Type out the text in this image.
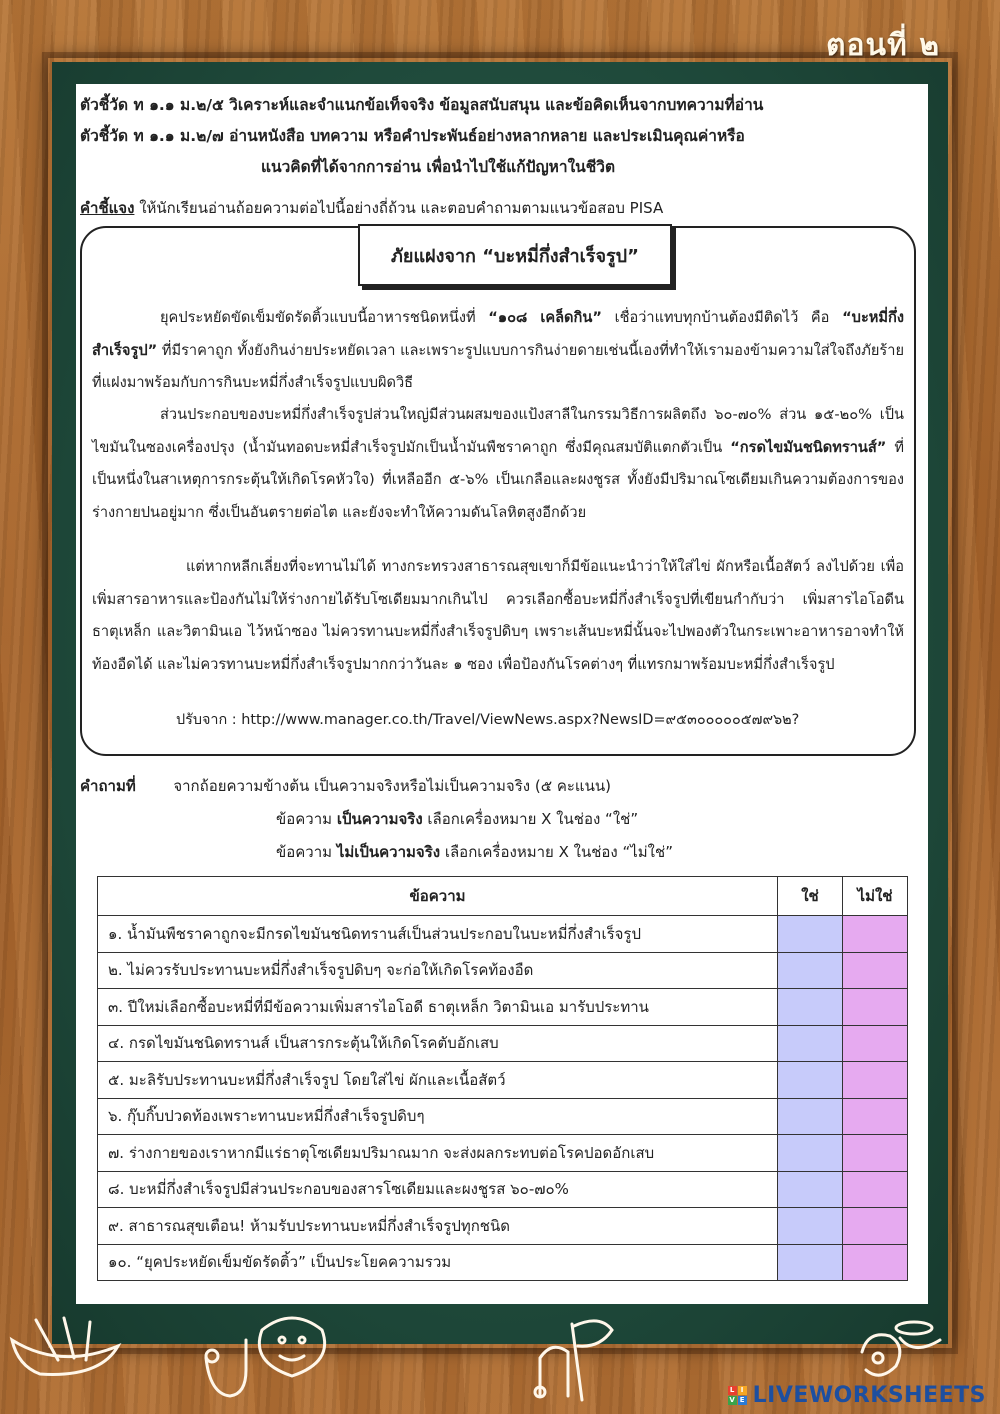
ตอนที่ ๒
ตัวชี้วัด ท ๑.๑ ม.๒/๕ วิเคราะห์และจำแนกข้อเท็จจริง ข้อมูลสนับสนุน และข้อคิดเห็นจากบทความที่อ่าน
ตัวชี้วัด ท ๑.๑ ม.๒/๗ อ่านหนังสือ บทความ หรือคำประพันธ์อย่างหลากหลาย และประเมินคุณค่าหรือ
แนวคิดที่ได้จากการอ่าน เพื่อนำไปใช้แก้ปัญหาในชีวิต
คำชี้แจง ให้นักเรียนอ่านถ้อยความต่อไปนี้อย่างถี่ถ้วน และตอบคำถามตามแนวข้อสอบ PISA
ภัยแฝงจาก “บะหมี่กึ่งสำเร็จรูป”
ยุคประหยัดขัดเข็มขัดรัดติ้วแบบนี้อาหารชนิดหนึ่งที่ “๑๐๘ เคล็ดกิน” เชื่อว่าแทบทุกบ้านต้องมีติดไว้ คือ “บะหมี่กึ่งสำเร็จรูป” ที่มีราคาถูก ทั้งยังกินง่ายประหยัดเวลา และเพราะรูปแบบการกินง่ายดายเช่นนี้เองที่ทำให้เรามองข้ามความใส่ใจถึงภัยร้ายที่แฝงมาพร้อมกับการกินบะหมี่กึ่งสำเร็จรูปแบบผิดวิธี
ส่วนประกอบของบะหมี่กึ่งสำเร็จรูปส่วนใหญ่มีส่วนผสมของแป้งสาลีในกรรมวิธีการผลิตถึง ๖๐-๗๐% ส่วน ๑๕-๒๐% เป็นไขมันในซองเครื่องปรุง (น้ำมันทอดบะหมี่สำเร็จรูปมักเป็นน้ำมันพืชราคาถูก ซึ่งมีคุณสมบัติแตกตัวเป็น “กรดไขมันชนิดทรานส์” ที่เป็นหนึ่งในสาเหตุการกระตุ้นให้เกิดโรคหัวใจ) ที่เหลืออีก ๕-๖% เป็นเกลือและผงชูรส ทั้งยังมีปริมาณโซเดียมเกินความต้องการของร่างกายปนอยู่มาก ซึ่งเป็นอันตรายต่อไต และยังจะทำให้ความดันโลหิตสูงอีกด้วย
แต่หากหลีกเลี่ยงที่จะทานไม่ได้ ทางกระทรวงสาธารณสุขเขาก็มีข้อแนะนำว่าให้ใส่ไข่ ผักหรือเนื้อสัตว์ ลงไปด้วย เพื่อเพิ่มสารอาหารและป้องกันไม่ให้ร่างกายได้รับโซเดียมมากเกินไป ควรเลือกซื้อบะหมี่กึ่งสำเร็จรูปที่เขียนกำกับว่า เพิ่มสารไอโอดีน ธาตุเหล็ก และวิตามินเอ ไว้หน้าซอง ไม่ควรทานบะหมี่กึ่งสำเร็จรูปดิบๆ เพราะเส้นบะหมี่นั้นจะไปพองตัวในกระเพาะอาหารอาจทำให้ท้องอืดได้ และไม่ควรทานบะหมี่กึ่งสำเร็จรูปมากกว่าวันละ ๑ ซอง เพื่อป้องกันโรคต่างๆ ที่แทรกมาพร้อมบะหมี่กึ่งสำเร็จรูป
ปรับจาก : http://www.manager.co.th/Travel/ViewNews.aspx?NewsID=๙๕๓๐๐๐๐๐๕๗๙๖๒?
คำถามที่	จากถ้อยความข้างต้น เป็นความจริงหรือไม่เป็นความจริง (๕ คะแนน)
ข้อความ เป็นความจริง เลือกเครื่องหมาย X ในช่อง “ใช่”
ข้อความ ไม่เป็นความจริง เลือกเครื่องหมาย X ในช่อง “ไม่ใช่”
ข้อความ	ใช่	ไม่ใช่
๑. น้ำมันพืชราคาถูกจะมีกรดไขมันชนิดทรานส์เป็นส่วนประกอบในบะหมี่กึ่งสำเร็จรูป		
๒. ไม่ควรรับประทานบะหมี่กึ่งสำเร็จรูปดิบๆ จะก่อให้เกิดโรคท้องอืด		
๓. ปีใหม่เลือกซื้อบะหมี่ที่มีข้อความเพิ่มสารไอโอดี ธาตุเหล็ก วิตามินเอ มารับประทาน		
๔. กรดไขมันชนิดทรานส์ เป็นสารกระตุ้นให้เกิดโรคตับอักเสบ		
๕. มะลิรับประทานบะหมี่กึ่งสำเร็จรูป โดยใส่ไข่ ผักและเนื้อสัตว์		
๖. กุ๊บกิ๊บปวดท้องเพราะทานบะหมี่กึ่งสำเร็จรูปดิบๆ		
๗. ร่างกายของเราหากมีแร่ธาตุโซเดียมปริมาณมาก จะส่งผลกระทบต่อโรคปอดอักเสบ		
๘. บะหมี่กึ่งสำเร็จรูปมีส่วนประกอบของสารโซเดียมและผงชูรส ๖๐-๗๐%		
๙. สาธารณสุขเตือน! ห้ามรับประทานบะหมี่กึ่งสำเร็จรูปทุกชนิด		
๑๐. “ยุคประหยัดเข็มขัดรัดติ้ว” เป็นประโยคความรวม		
L I
V E LIVEWORKSHEETS
